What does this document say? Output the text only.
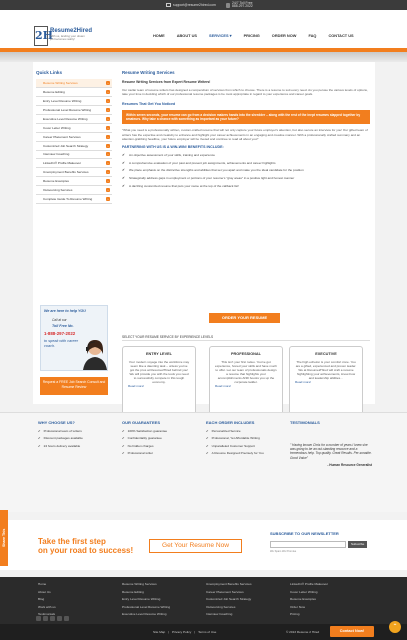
support@resume2hired.com
24/7 Toll Free
888.297.2022
2H
Resume2Hired
With us, landing your dream job becomes reality!
HOME	ABOUT US	SERVICES ▾	PRICING	ORDER NOW	FAQ	CONTACT US
Quick Links
Resume Writing Services	›
Resume Editing	›
Entry Level Resume Writing	›
Professional Level Resume Writing	›
Executive Level Resume Writing	›
Cover Letter Writing	›
Career Placement Services	›
Customized Job Search Strategy	›
Interview Coaching	›
LinkedIn® Profile Makeover	›
Unemployment Benefits Services	›
Resume Examples	›
Outsourcing Services	›
Complete Guide To Resume Writing	›
We are here to help YOU
Call at our
Toll Free No.
1-888-297-2022
to speak with career coach.
Request a FREE Job Search Consult and Resume Review
Resume Writing Services
Resume Writing Services from Expert Resume Writers!
Our stellar team of resume writers has designed a compendium of services from which to choose. There is a resume to suit every need. As you peruse the various levels of options, take your time in deciding which of our professional resume packages is be most appropriate in regard to your experience and career goals.
Resumes That Get You Noticed
Within seven seconds, your resume can go from a decision makers hands into the shredder – along with the rest of the inept resumes slapped together by amateurs. Why take a chance with something as important as your future?
"What you need is a professionally written, custom-crafted resume that will not only capture your future employer's attention, but also secure an interview for you! Our gifted team of writers has the expertise and creativity to enhance and highlight your career achievements in an engaging and creative manner. With a professionally crafted summary and an attention-grabbing headline, your future employer will be riveted and continue to read all about you!"
PARTNERING WITH US IS A WIN-WIN! BENEFITS INCLUDE:
✔ An objective assessment of your skills, training and experience
✔ A comprehensive evaluation of your past and present job assignments, achievements and career highlights
✔ We place emphasis on the distinctive strengths and abilities that set you apart and make you the ideal candidate for the position
✔ Strategically address gaps in employment or portions of your resume's "gray areas" in a positive light and honest manner
✔ A dazzling customized resume that puts your name at the top of the callback list!
ORDER YOUR RESUME
SELECT YOUR RESUME SERVICE BY EXPERIENCE LEVELS
ENTRY LEVEL
Your modern voyage into the workforce may seem like a daunting task – unless you've got the pros at Resume2Hired behind you! We will provide you with the tools you need to successfully compete in this tough economy.
Read more!
PROFESSIONAL
This isn't your first rodeo. You've got experience, honed your skills and have much to offer. Let our team of professionals design a resume that highlights your accomplishments AND boosts you up the corporate ladder.
Read more!
EXECUTIVE
The high echelon is your comfort zone. You are a gifted, experienced and proven leader. We at Resume2Hired will craft a resume highlighting your achievements, know-how and leadership abilities…
Read more!
WHY CHOOSE US?
✔ Professional team of writers
✔ Discount packages available
✔ 24 hours delivery available
OUR GUARANTEES
✔ 100% Satisfaction guarantee
✔ Confidentiality guarantee
✔ No hidden charges
✔ Professional writer
EACH ORDER INCLUDES
✔ Personalized Service
✔ Professional, Yet Affordable Writing
✔ Unparalleled Customer Support
✔ A Resume Designed Precisely for You
TESTIMONIALS
" Having known Chris for a number of years I knew she was going to be an out-standing resource and a tremendous help. Top quality. Great Results. Per-sonable. Good Value"
- Human Resource Generalist
Share This	Take the first step
on your road to success!
Get Your Resume Now
SUBSCRIBE TO OUR NEWSLETTER
Subscribe
We Spam We Promise
Home
About Us
Blog
Work with us
Testimonials
Resume Writing Services
Resume Editing
Entry Level Resume Writing
Professional Level Resume Writing
Executive Level Resume Writing
Unemployment Benefits Services
Career Placement Services
Customized Job Search Strategy
Outsourcing Services
Interview Coaching
LinkedIn® Profile Makeover
Cover Letter Writing
Resume Examples
Order Now
Pricing
Site Map | Privacy Policy | Terms of Use	© 2013 Resume 2 Hired	Contact Now!
⌃
